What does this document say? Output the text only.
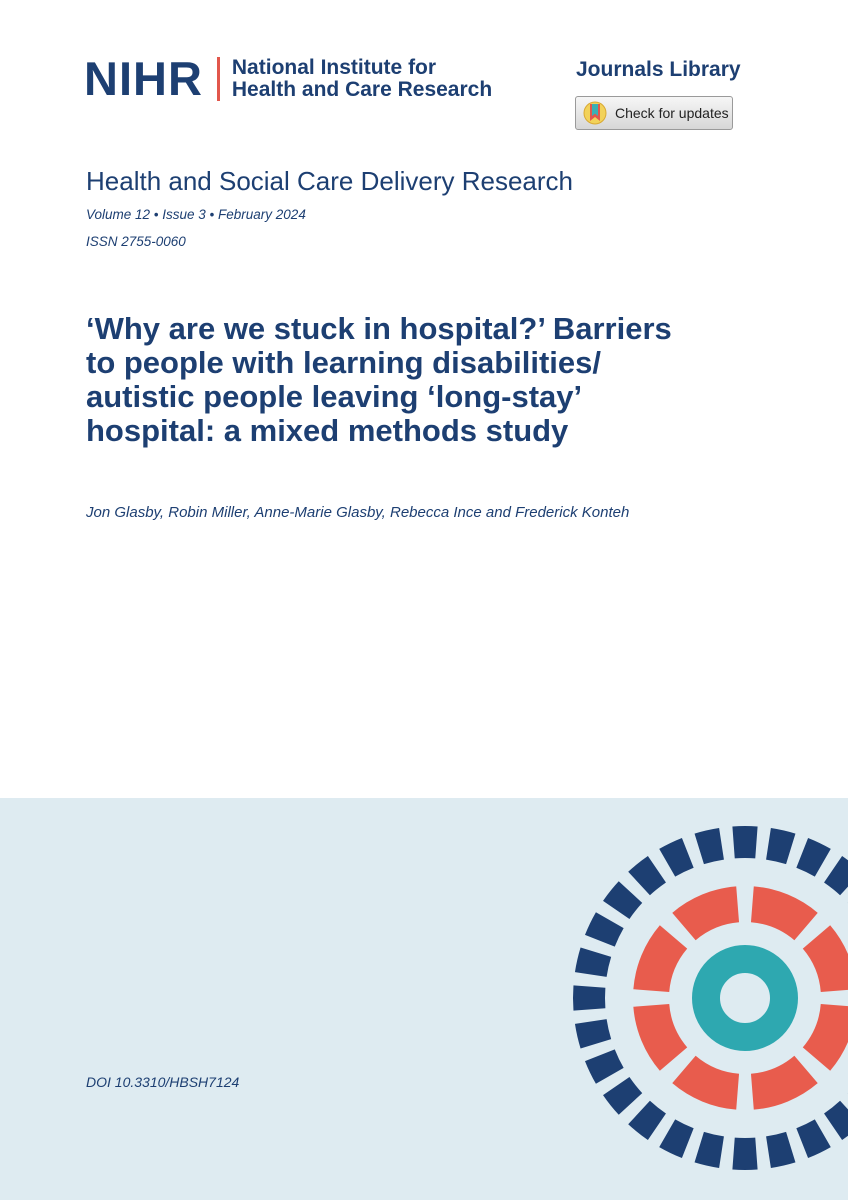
NIHR National Institute for
Health and Care Research
Journals Library
Check for updates
Health and Social Care Delivery Research
Volume 12 • Issue 3 • February 2024
ISSN 2755-0060
‘Why are we stuck in hospital?’ Barriers
to people with learning disabilities/
autistic people leaving ‘long-stay’
hospital: a mixed methods study
Jon Glasby, Robin Miller, Anne-Marie Glasby, Rebecca Ince and Frederick Konteh
DOI 10.3310/HBSH7124
